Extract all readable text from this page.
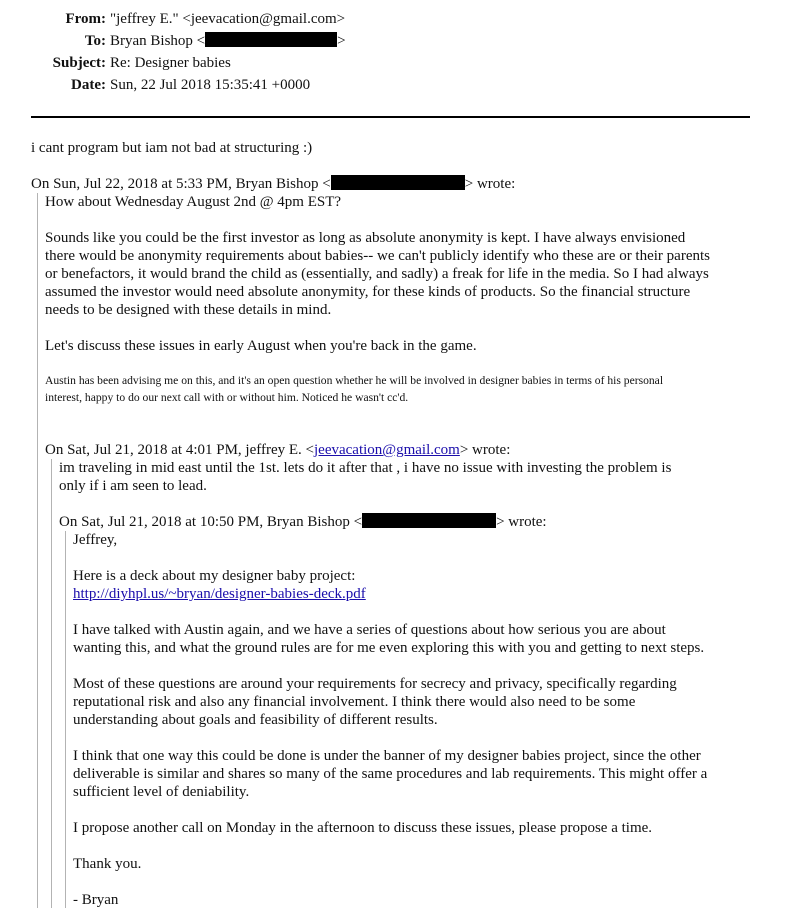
From: "jeffrey E." <jeevacation@gmail.com>
To: Bryan Bishop <	>
Subject: Re: Designer babies
Date: Sun, 22 Jul 2018 15:35:41 +0000
i cant program but iam not bad at structuring :)
On Sun, Jul 22, 2018 at 5:33 PM, Bryan Bishop <	> wrote:
How about Wednesday August 2nd @ 4pm EST?
Sounds like you could be the first investor as long as absolute anonymity is kept. I have always envisioned
there would be anonymity requirements about babies-- we can't publicly identify who these are or their parents
or benefactors, it would brand the child as (essentially, and sadly) a freak for life in the media. So I had always
assumed the investor would need absolute anonymity, for these kinds of products. So the financial structure
needs to be designed with these details in mind.
Let's discuss these issues in early August when you're back in the game.
Austin has been advising me on this, and it's an open question whether he will be involved in designer babies in terms of his personal
interest, happy to do our next call with or without him. Noticed he wasn't cc'd.
On Sat, Jul 21, 2018 at 4:01 PM, jeffrey E. <jeevacation@gmail.com> wrote:
im traveling in mid east until the 1st. lets do it after that , i have no issue with investing the problem is
only if i am seen to lead.
On Sat, Jul 21, 2018 at 10:50 PM, Bryan Bishop <	> wrote:
Jeffrey,
Here is a deck about my designer baby project:
http://diyhpl.us/~bryan/designer-babies-deck.pdf
I have talked with Austin again, and we have a series of questions about how serious you are about
wanting this, and what the ground rules are for me even exploring this with you and getting to next steps.
Most of these questions are around your requirements for secrecy and privacy, specifically regarding
reputational risk and also any financial involvement. I think there would also need to be some
understanding about goals and feasibility of different results.
I think that one way this could be done is under the banner of my designer babies project, since the other
deliverable is similar and shares so many of the same procedures and lab requirements. This might offer a
sufficient level of deniability.
I propose another call on Monday in the afternoon to discuss these issues, please propose a time.
Thank you.
- Bryan
